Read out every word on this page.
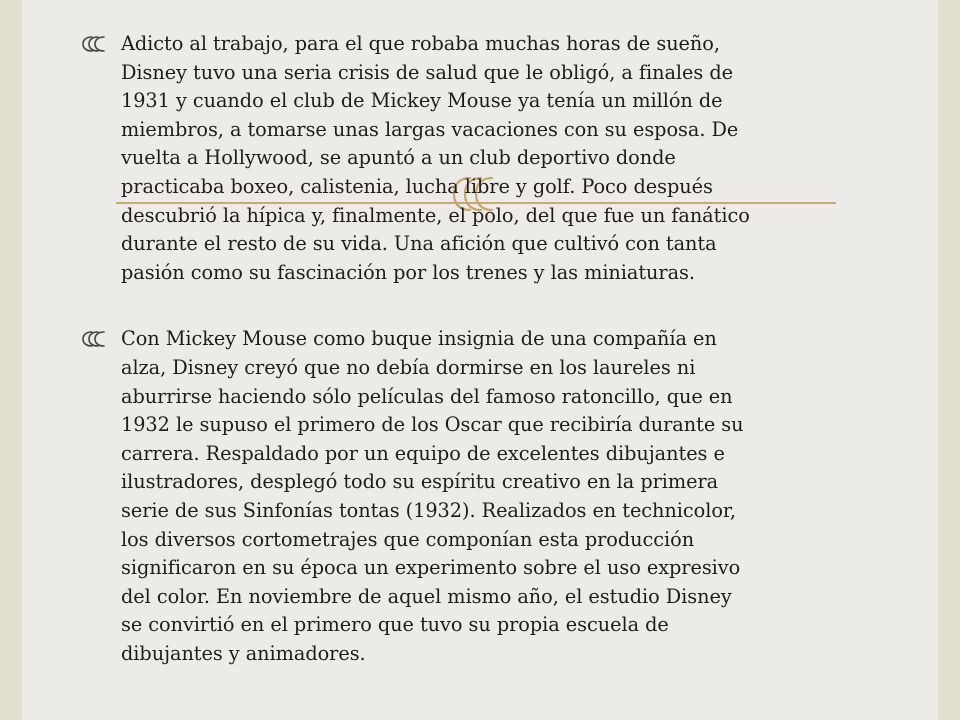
Adicto al trabajo, para el que robaba muchas horas de sueño,
Disney tuvo una seria crisis de salud que le obligó, a finales de
1931 y cuando el club de Mickey Mouse ya tenía un millón de
miembros, a tomarse unas largas vacaciones con su esposa. De
vuelta a Hollywood, se apuntó a un club deportivo donde
practicaba boxeo, calistenia, lucha libre y golf. Poco después
descubrió la hípica y, finalmente, el polo, del que fue un fanático
durante el resto de su vida. Una afición que cultivó con tanta
pasión como su fascinación por los trenes y las miniaturas.
Con Mickey Mouse como buque insignia de una compañía en
alza, Disney creyó que no debía dormirse en los laureles ni
aburrirse haciendo sólo películas del famoso ratoncillo, que en
1932 le supuso el primero de los Oscar que recibiría durante su
carrera. Respaldado por un equipo de excelentes dibujantes e
ilustradores, desplegó todo su espíritu creativo en la primera
serie de sus Sinfonías tontas (1932). Realizados en technicolor,
los diversos cortometrajes que componían esta producción
significaron en su época un experimento sobre el uso expresivo
del color. En noviembre de aquel mismo año, el estudio Disney
se convirtió en el primero que tuvo su propia escuela de
dibujantes y animadores.
